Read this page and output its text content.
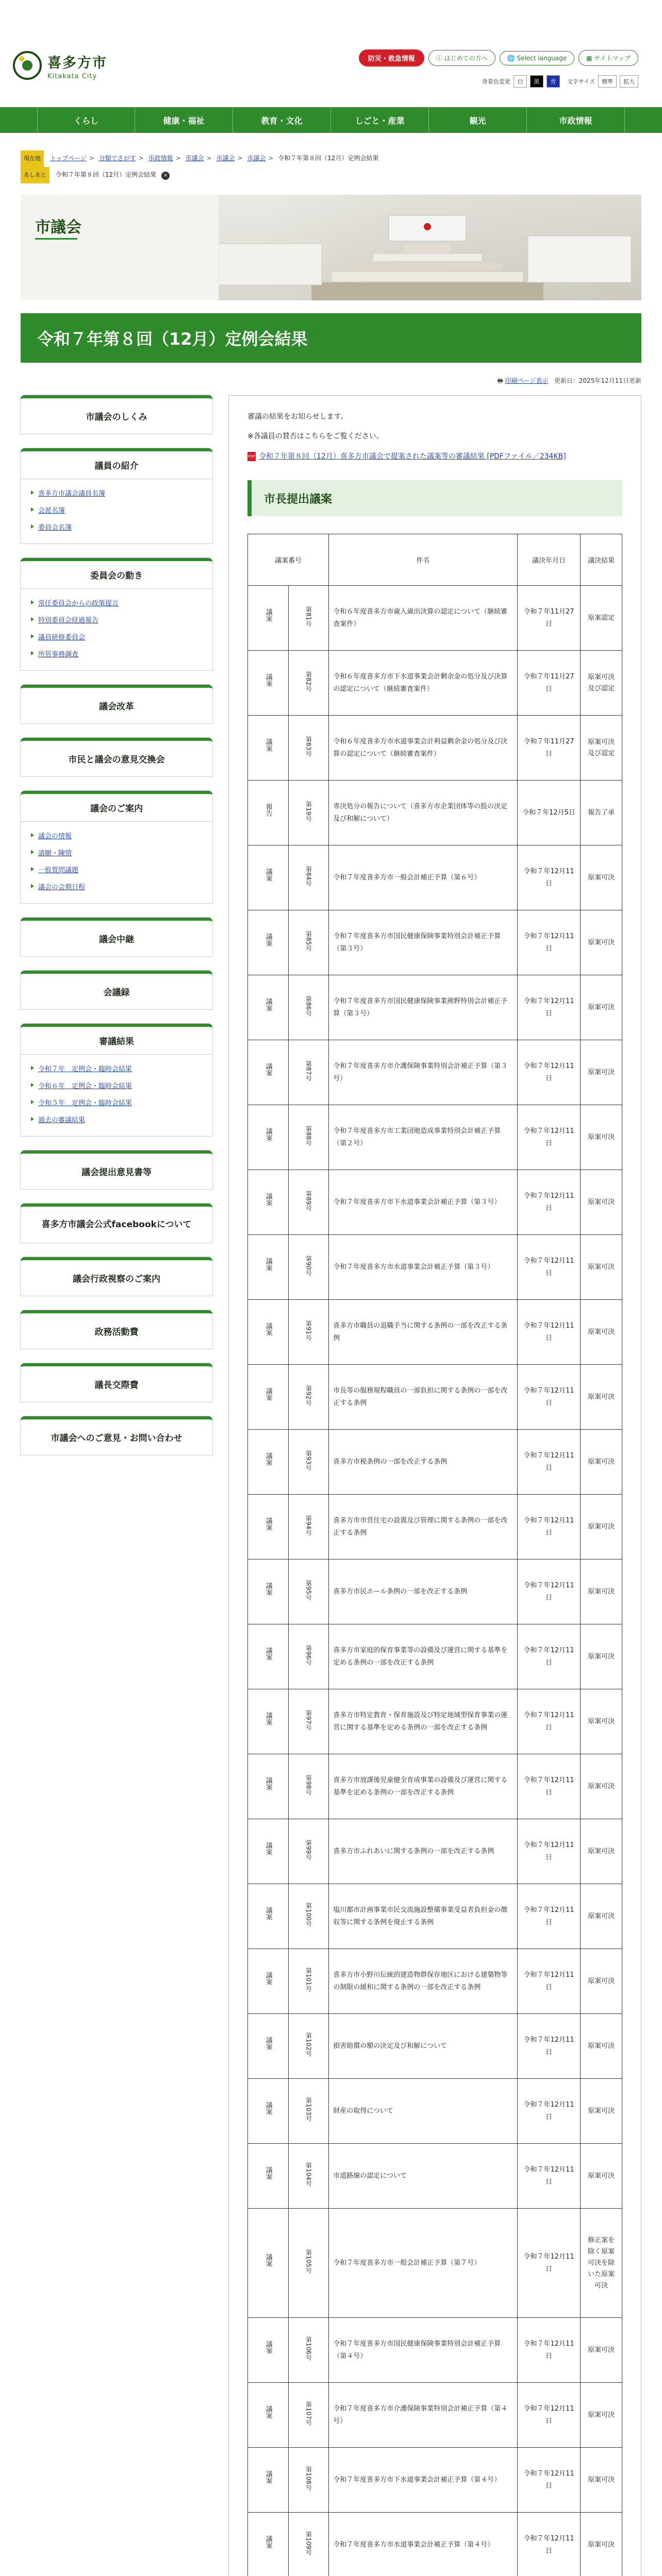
喜多方市
Kitakata City
防災・救急情報	ⓘ はじめての方へ	🌐 Select language	▦ サイトマップ
背景色変更	白	黒	青	文字サイズ	標準	拡大
くらし	健康・福祉	教育・文化	しごと・産業	観光	市政情報
現在地 トップページ > 分類でさがす > 市政情報 > 市議会 > 市議会 > 市議会 > 令和７年第８回（12月）定例会結果
あしあと 令和７年第８回（12月）定例会結果 ×
市議会
令和７年第８回（12月）定例会結果
🖶 印刷ページ表示 更新日：2025年12月11日更新
市議会のしくみ
議員の紹介
喜多方市議会議員名簿
会派名簿
委員会名簿
委員会の動き
常任委員会からの政策提言
特別委員会経過報告
議員研修委員会
所管事務調査
議会改革
市民と議会の意見交換会
議会のご案内
議会の情報
請願・陳情
一般質問議題
議会の会期日程
議会中継
会議録
審議結果
令和７年　定例会・臨時会結果
令和６年　定例会・臨時会結果
令和５年　定例会・臨時会結果
過去の審議結果
議会提出意見書等
喜多方市議会公式facebookについて
議会行政視察のご案内
政務活動費
議長交際費
市議会へのご意見・お問い合わせ

審議の結果をお知らせします。

※各議員の賛否はこちらをご覧ください。

PDF 令和７年第８回（12月）喜多方市議会で提案された議案等の審議結果 [PDFファイル／234KB]
市長提出議案
議案番号		件名	議決年月日	議決結果
議案	第81号	令和６年度喜多方市歳入歳出決算の認定について（継続審査案件）	令和７年11月27日	原案認定
議案	第82号	令和６年度喜多方市下水道事業会計剰余金の処分及び決算の認定について（継続審査案件）	令和７年11月27日	原案可決及び認定
議案	第83号	令和６年度喜多方市水道事業会計利益剰余金の処分及び決算の認定について（継続審査案件）	令和７年11月27日	原案可決及び認定
報告	第19号	専決処分の報告について（喜多方市企業団体等の股の決定及び和解について）	令和７年12月5日	報告了承
議案	第84号	令和７年度喜多方市一般会計補正予算（第６号）	令和７年12月11日	原案可決
議案	第85号	令和７年度喜多方市国民健康保険事業特別会計補正予算（第３号）	令和７年12月11日	原案可決
議案	第86号	令和７年度喜多方市国民健康保険事業熊野特別会計補正予算（第３号）	令和７年12月11日	原案可決
議案	第87号	令和７年度喜多方市介護保険事業特別会計補正予算（第３号）	令和７年12月11日	原案可決
議案	第88号	令和７年度喜多方市工業団地造成事業特別会計補正予算（第２号）	令和７年12月11日	原案可決
議案	第89号	令和７年度喜多方市下水道事業会計補正予算（第３号）	令和７年12月11日	原案可決
議案	第90号	令和７年度喜多方市水道事業会計補正予算（第３号）	令和７年12月11日	原案可決
議案	第91号	喜多方市職員の退職手当に関する条例の一部を改正する条例	令和７年12月11日	原案可決
議案	第92号	市長等の服務規程職員の一部負担に関する条例の一部を改正する条例	令和７年12月11日	原案可決
議案	第93号	喜多方市税条例の一部を改正する条例	令和７年12月11日	原案可決
議案	第94号	喜多方市市営住宅の設置及び管理に関する条例の一部を改正する条例	令和７年12月11日	原案可決
議案	第95号	喜多方市民ホール条例の一部を改正する条例	令和７年12月11日	原案可決
議案	第96号	喜多方市家庭的保育事業等の設備及び運営に関する基準を定める条例の一部を改正する条例	令和７年12月11日	原案可決
議案	第97号	喜多方市特定教育・保育施設及び特定地域型保育事業の運営に関する基準を定める条例の一部を改正する条例	令和７年12月11日	原案可決
議案	第98号	喜多方市放課後児童健全育成事業の設備及び運営に関する基準を定める条例の一部を改正する条例	令和７年12月11日	原案可決
議案	第99号	喜多方市ふれあいに関する条例の一部を改正する条例	令和７年12月11日	原案可決
議案	第100号	塩川都市計画事業市民交流施設整備事業受益者負担金の徴収等に関する条例を廃止する条例	令和７年12月11日	原案可決
議案	第101号	喜多方市小野川伝統的建造物群保存地区における建築物等の制限の緩和に関する条例の一部を改正する条例	令和７年12月11日	原案可決
議案	第102号	損害賠償の額の決定及び和解について	令和７年12月11日	原案可決
議案	第103号	財産の取得について	令和７年12月11日	原案可決
議案	第104号	市道路線の認定について	令和７年12月11日	原案可決
議案	第105号	令和７年度喜多方市一般会計補正予算（第７号）	令和７年12月11日	修正案を除く原案可決を除いた原案可決
議案	第106号	令和７年度喜多方市国民健康保険事業特別会計補正予算（第４号）	令和７年12月11日	原案可決
議案	第107号	令和７年度喜多方市介護保険事業特別会計補正予算（第４号）	令和７年12月11日	原案可決
議案	第108号	令和７年度喜多方市下水道事業会計補正予算（第４号）	令和７年12月11日	原案可決
議案	第109号	令和７年度喜多方市水道事業会計補正予算（第４号）	令和７年12月11日	原案可決
